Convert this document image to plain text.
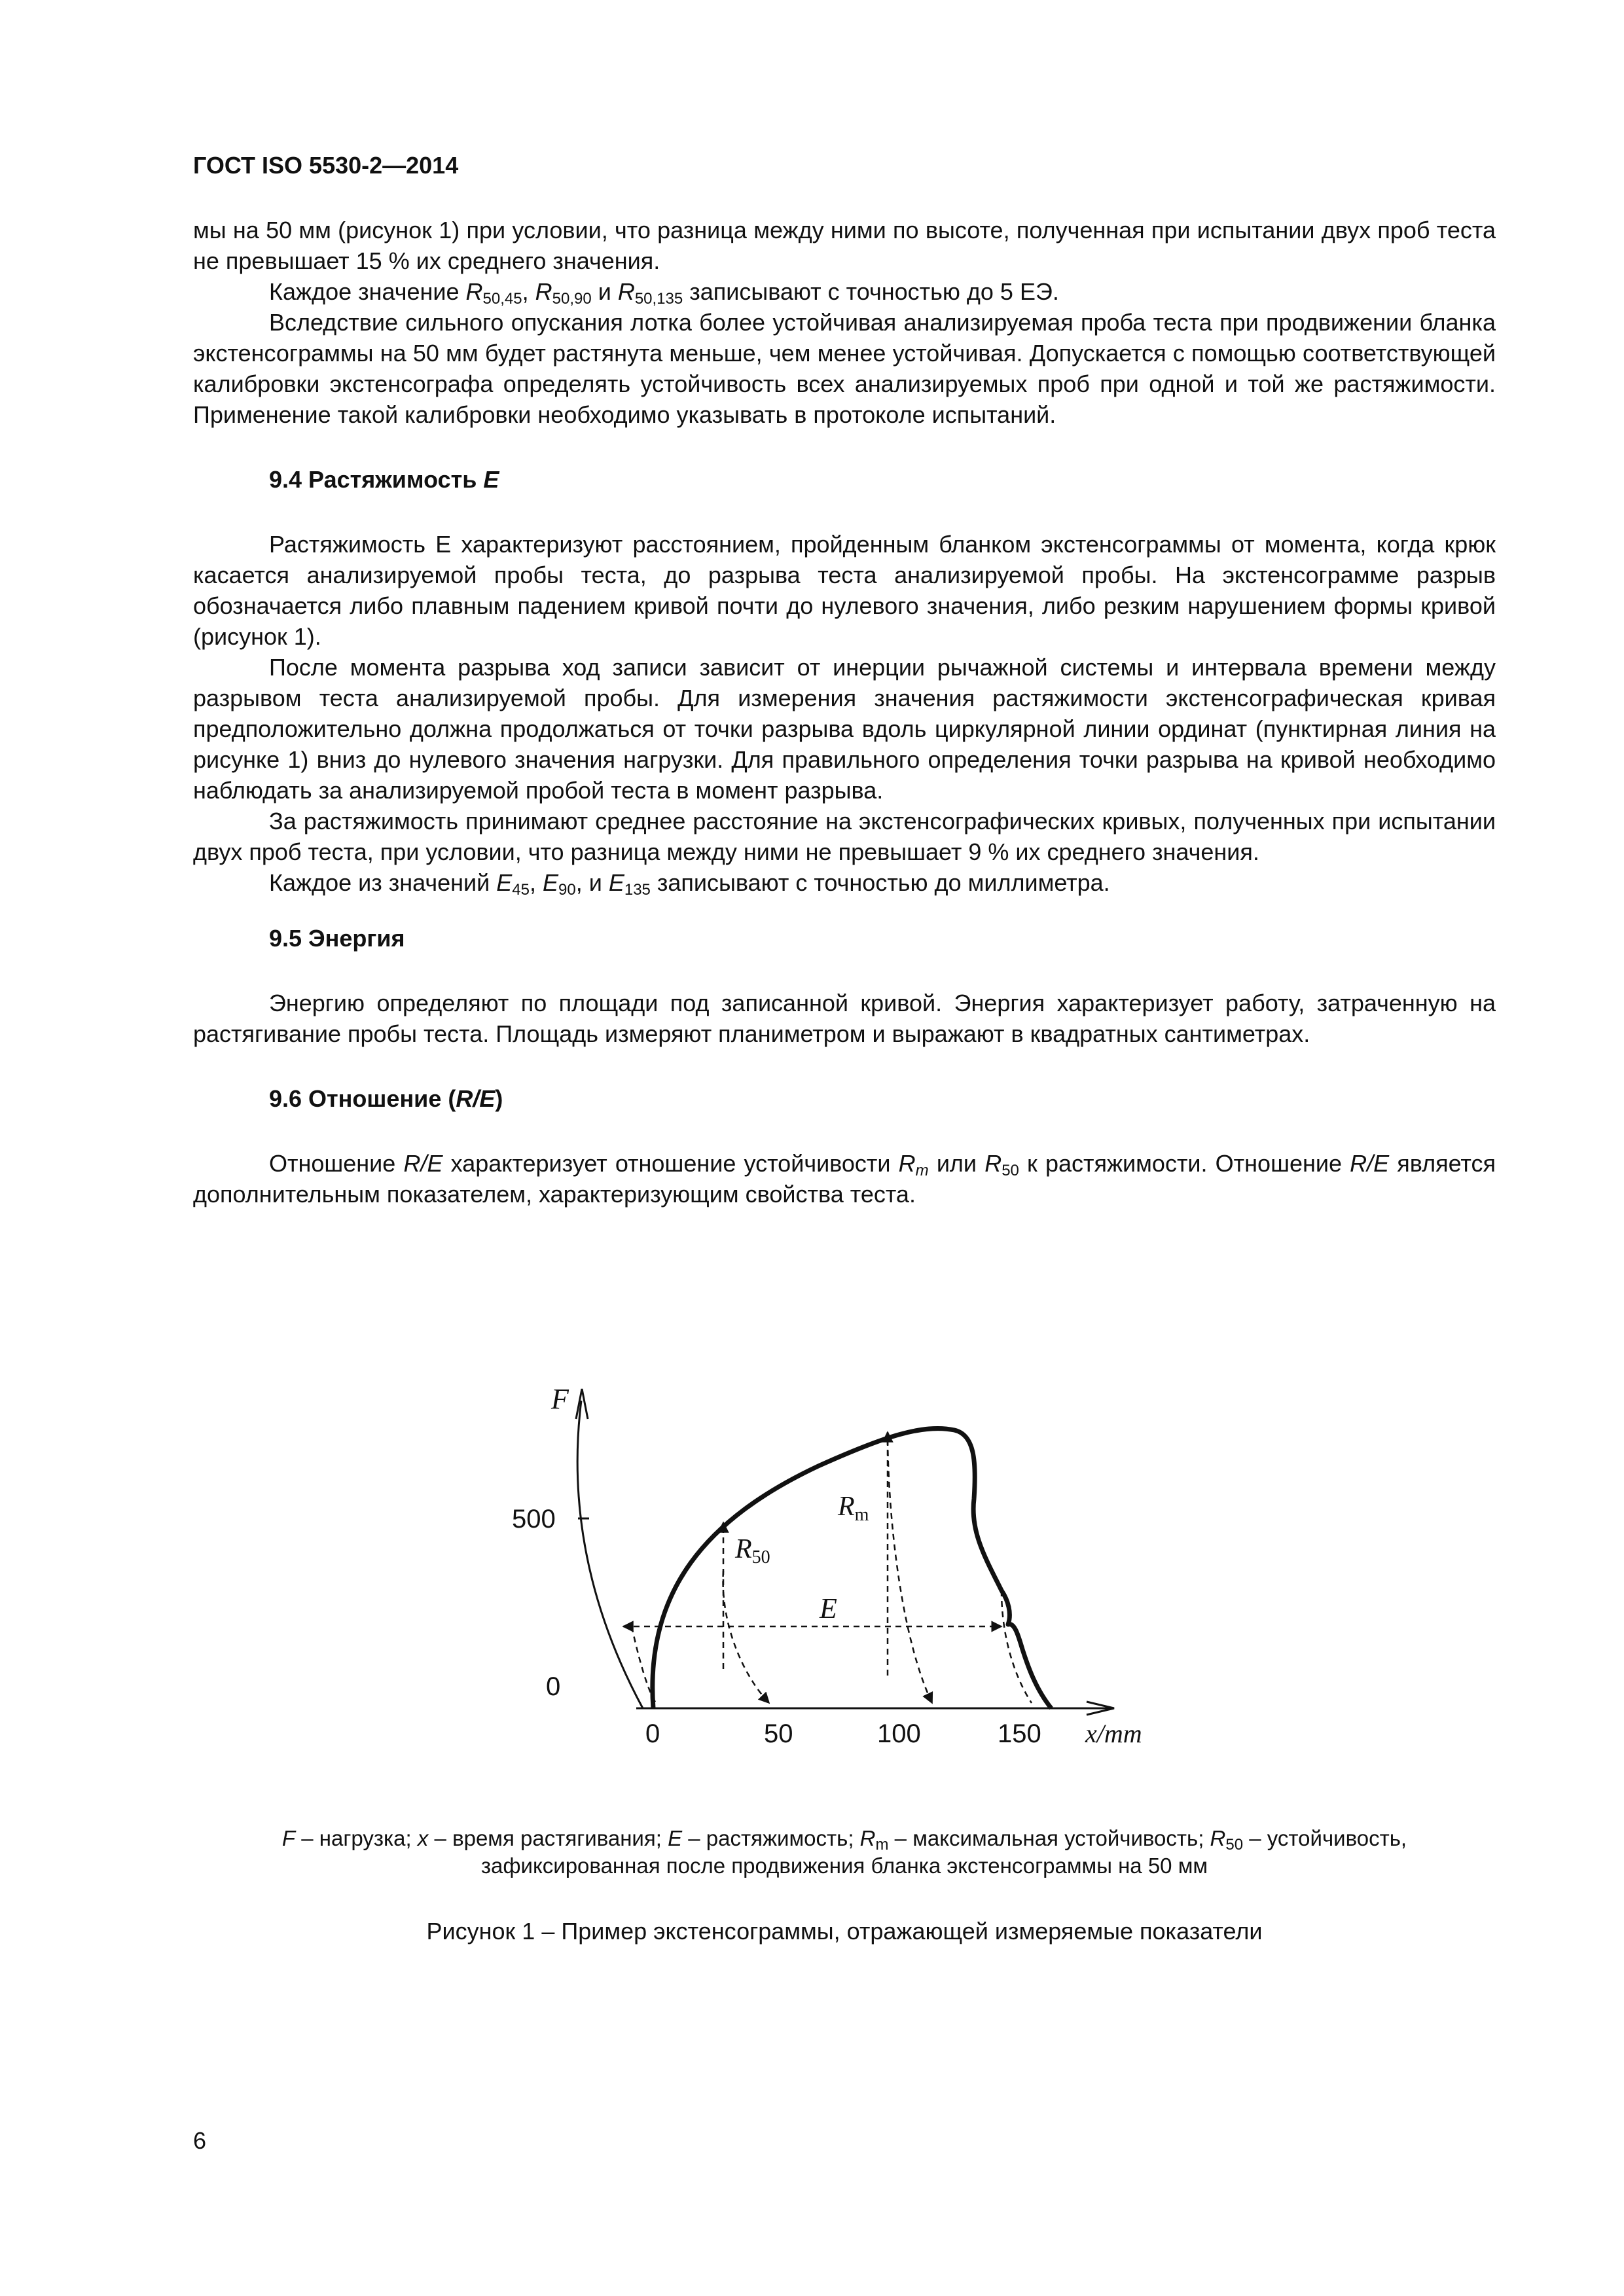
ГОСТ ISO 5530-2—2014

мы на 50 мм (рисунок 1) при условии, что разница между ними по высоте, полученная при испытании двух проб теста не превышает 15 % их среднего значения.

Каждое значение $R_{50,45}$, $R_{50,90}$ и $R_{50,135}$ записывают с точностью до 5 ЕЭ.

Вследствие сильного опускания лотка более устойчивая анализируемая проба теста при продвижении бланка экстенсограммы на 50 мм будет растянута меньше, чем менее устойчивая. Допускается с помощью соответствующей калибровки экстенсографа определять устойчивость всех анализируемых проб при одной и той же растяжимости. Применение такой калибровки необходимо указывать в протоколе испытаний.

9.4 Растяжимость E

Растяжимость E характеризуют расстоянием, пройденным бланком экстенсограммы от момента, когда крюк касается анализируемой пробы теста, до разрыва теста анализируемой пробы. На экстенсограмме разрыв обозначается либо плавным падением кривой почти до нулевого значения, либо резким нарушением формы кривой (рисунок 1).

После момента разрыва ход записи зависит от инерции рычажной системы и интервала времени между разрывом теста анализируемой пробы. Для измерения значения растяжимости экстенсографическая кривая предположительно должна продолжаться от точки разрыва вдоль циркулярной линии ординат (пунктирная линия на рисунке 1) вниз до нулевого значения нагрузки. Для правильного определения точки разрыва на кривой необходимо наблюдать за анализируемой пробой теста в момент разрыва.

За растяжимость принимают среднее расстояние на экстенсографических кривых, полученных при испытании двух проб теста, при условии, что разница между ними не превышает 9 % их среднего значения.

Каждое из значений $E_{45}$, $E_{90}$, и $E_{135}$ записывают с точностью до миллиметра.

9.5 Энергия

Энергию определяют по площади под записанной кривой. Энергия характеризует работу, затраченную на растягивание пробы теста. Площадь измеряют планиметром и выражают в квадратных сантиметрах.

9.6 Отношение (R/E)

Отношение R/E характеризует отношение устойчивости $R_m$ или $R_{50}$ к растяжимости. Отношение R/E является дополнительным показателем, характеризующим свойства теста.

F
500
0
0	50	100	150 x/mm
R50
Rm
E
F – нагрузка; x – время растягивания; E – растяжимость; $R_m$ – максимальная устойчивость; $R_{50}$ – устойчивость,
зафиксированная после продвижения бланка экстенсограммы на 50 мм
Рисунок 1 – Пример экстенсограммы, отражающей измеряемые показатели
6
